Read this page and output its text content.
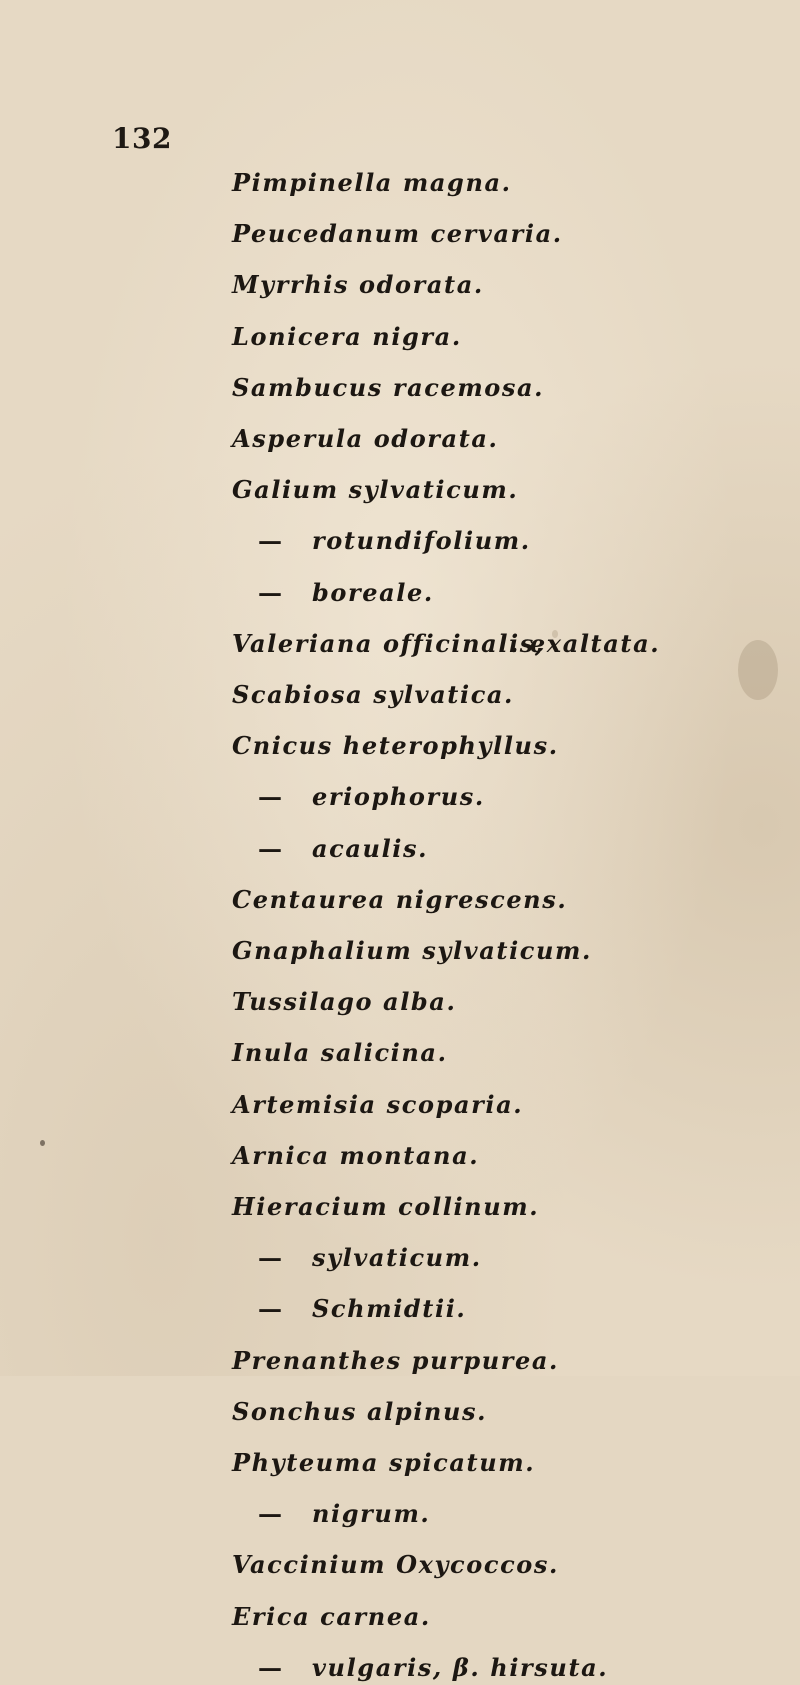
132
Pimpinella magna.
Peucedanum cervaria.
Myrrhis odorata.
Lonicera nigra.
Sambucus racemosa.
Asperula odorata.
Galium sylvaticum.
— rotundifolium.
— boreale.
Valeriana officinalis,
Scabiosa sylvatica.
Cnicus heterophyllus.
— eriophorus.
— acaulis.
Centaurea nigrescens.
Gnaphalium sylvaticum.
Tussilago alba.
Inula salicina.
Artemisia scoparia.
Arnica montana.
Hieracium collinum.
— sylvaticum.
— Schmidtii.
Prenanthes purpurea.
Sonchus alpinus.
Phyteuma spicatum.
— nigrum.
Vaccinium Oxycoccos.
Erica carnea.
— vulgaris, β. hirsuta.
. exaltata.
